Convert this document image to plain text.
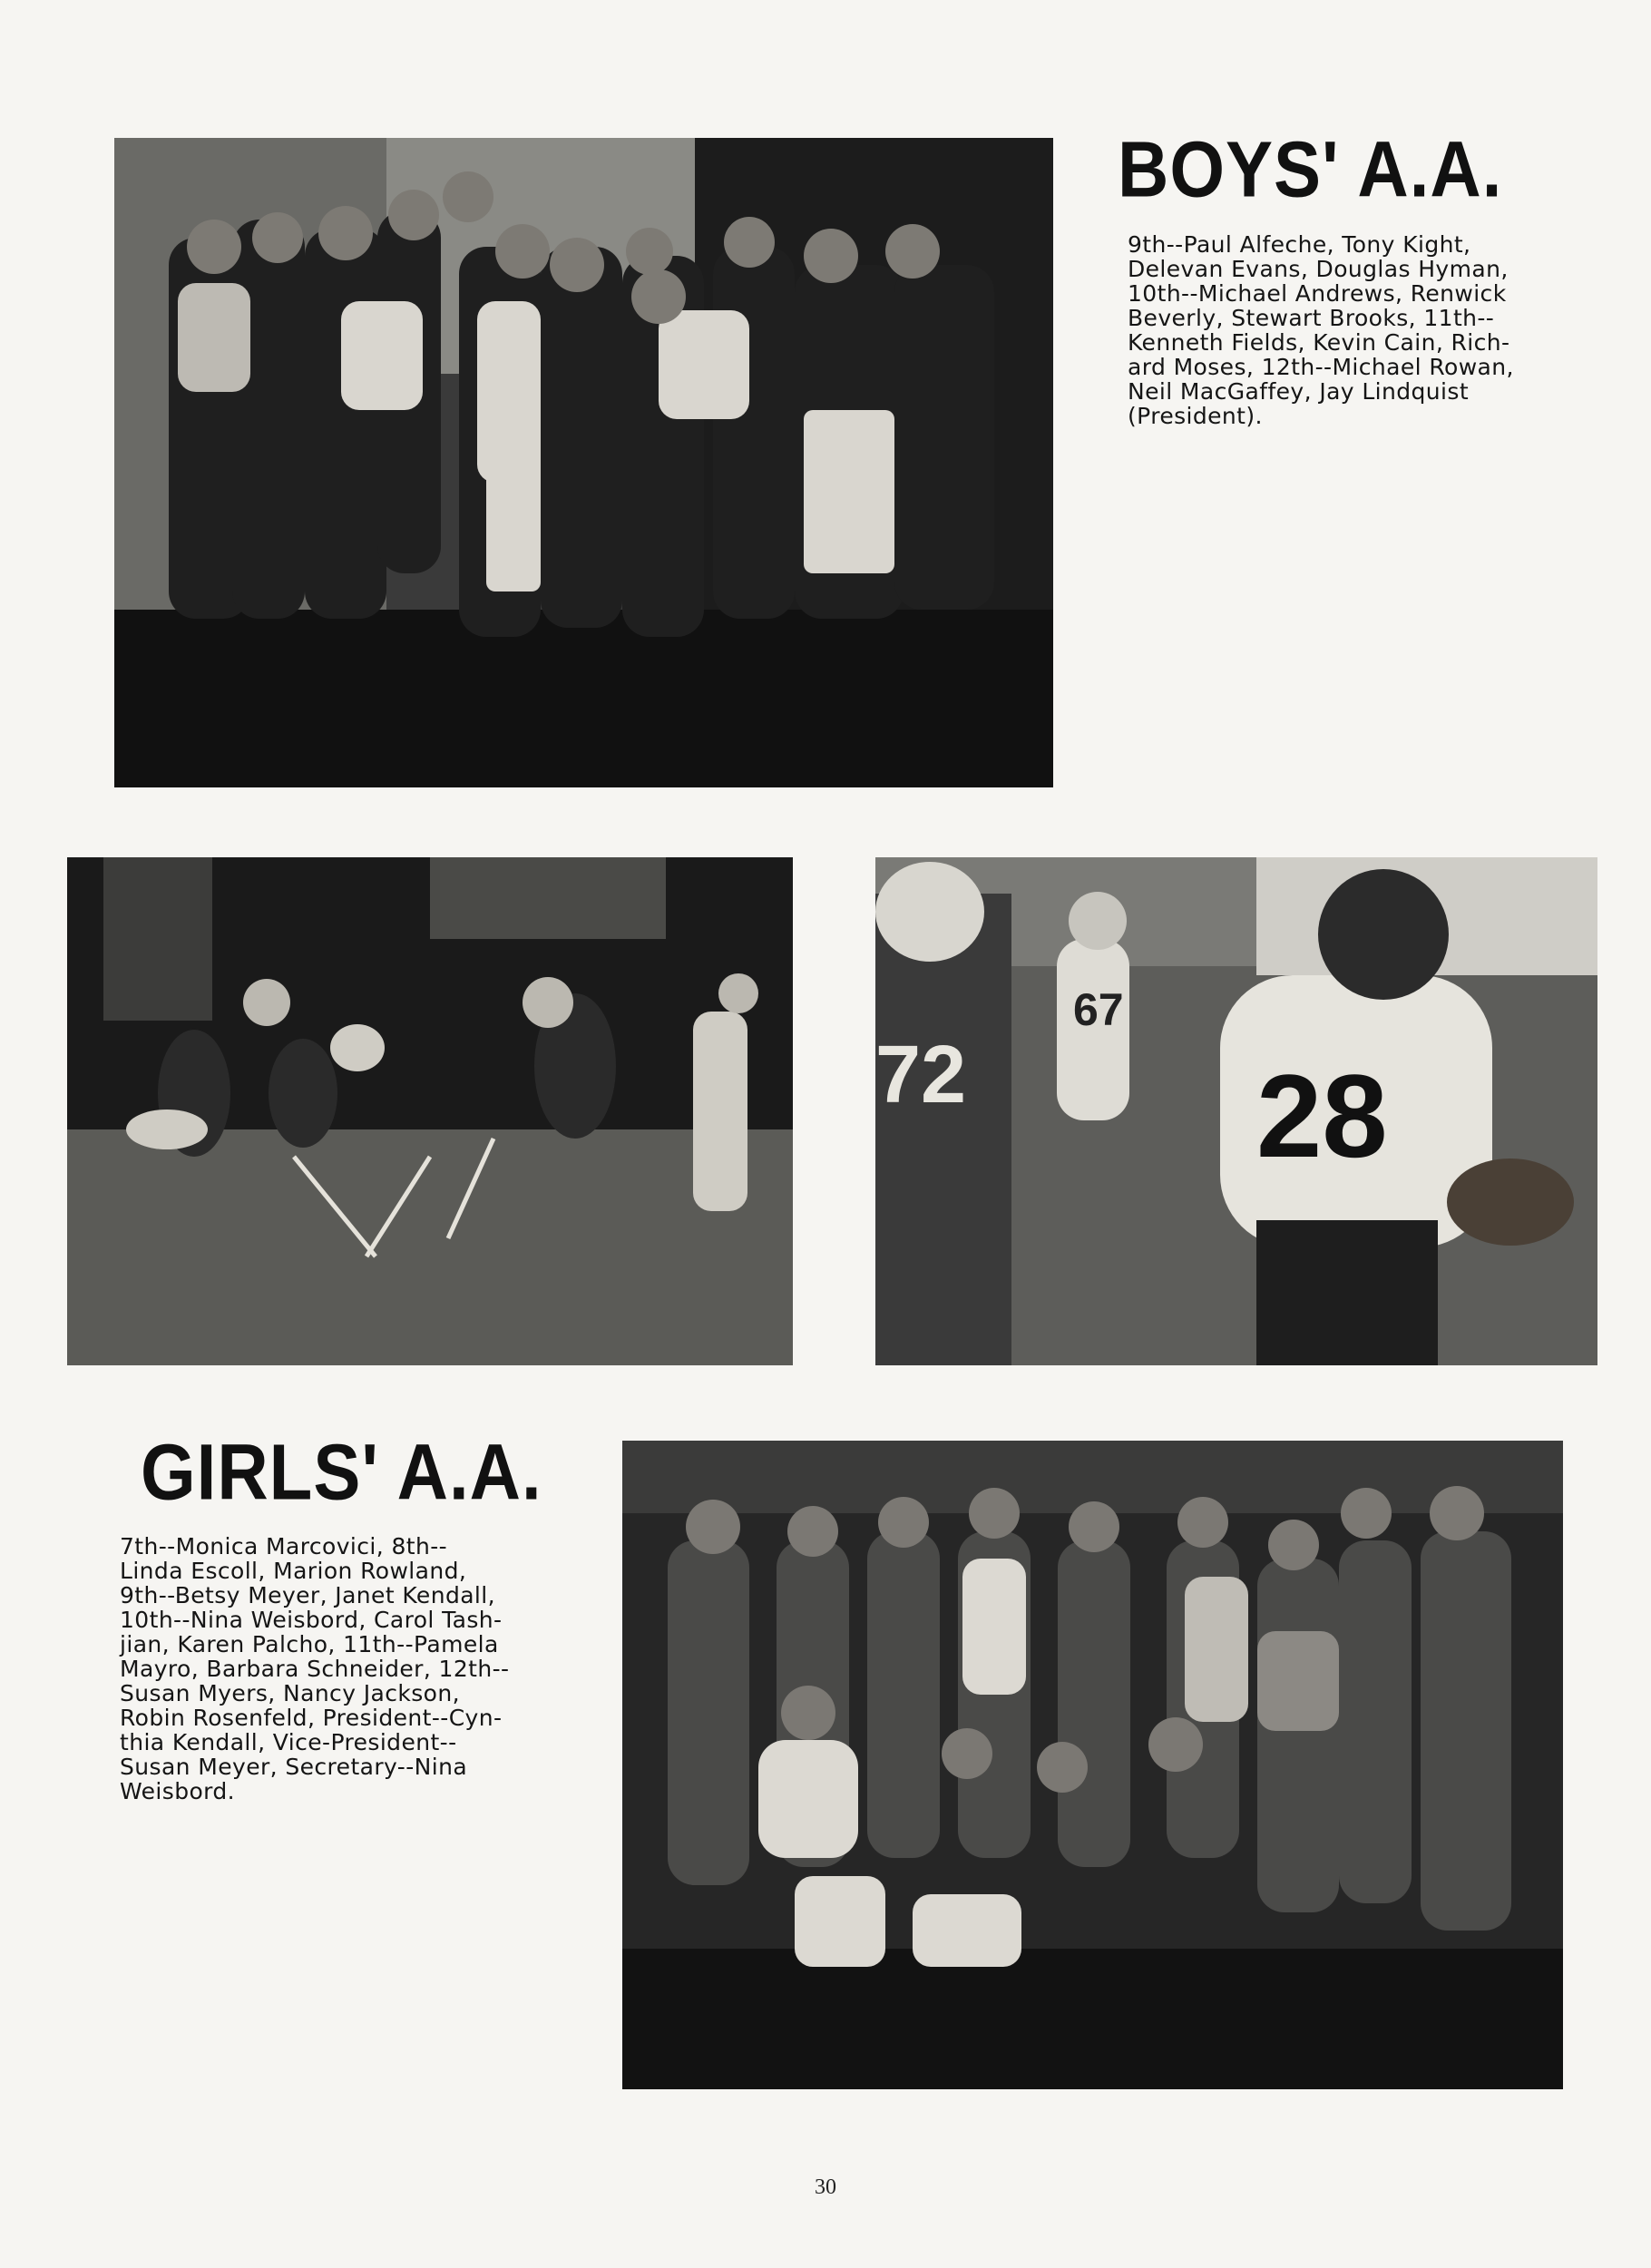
BOYS' A.A.

9th--Paul Alfeche, Tony Kight,
Delevan Evans, Douglas Hyman,
10th--Michael Andrews, Renwick
Beverly, Stewart Brooks, 11th--
Kenneth Fields, Kevin Cain, Rich-
ard Moses, 12th--Michael Rowan,
Neil MacGaffey, Jay Lindquist
(President).

72
67
28
GIRLS' A.A.

7th--Monica Marcovici, 8th--
Linda Escoll, Marion Rowland,
9th--Betsy Meyer, Janet Kendall,
10th--Nina Weisbord, Carol Tash-
jian, Karen Palcho, 11th--Pamela
Mayro, Barbara Schneider, 12th--
Susan Myers, Nancy Jackson,
Robin Rosenfeld, President--Cyn-
thia Kendall, Vice-President--
Susan Meyer, Secretary--Nina
Weisbord.

30
